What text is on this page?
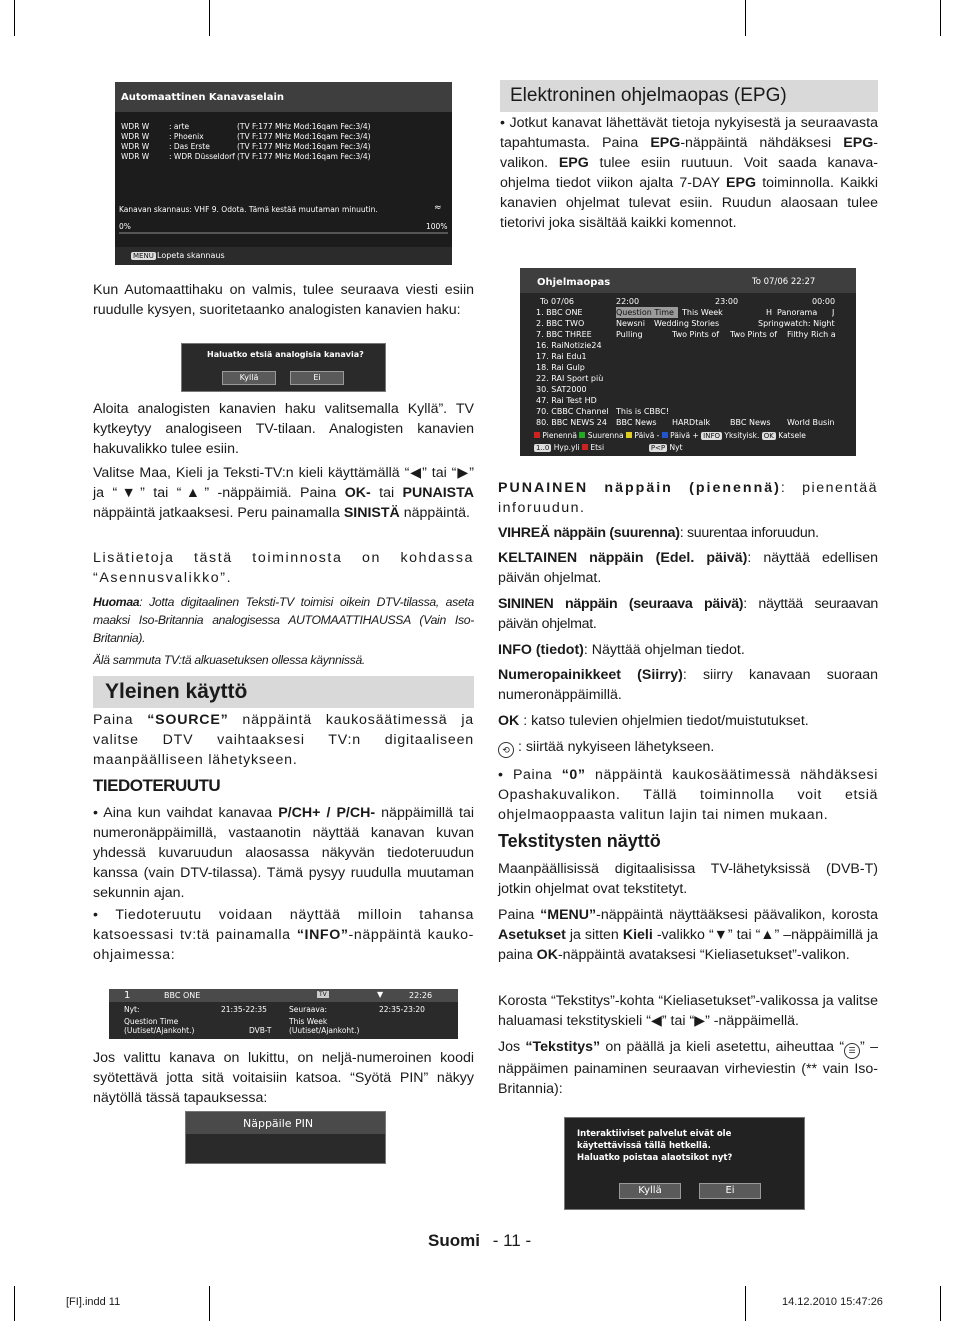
Automaattinen Kanavaselain
WDR W	: arte	(TV F:177 MHz Mod:16qam Fec:3/4)
WDR W	: Phoenix	(TV F:177 MHz Mod:16qam Fec:3/4)
WDR W	: Das Erste	(TV F:177 MHz Mod:16qam Fec:3/4)
WDR W	: WDR Düsseldorf (TV F:177 MHz Mod:16qam Fec:3/4)
Kanavan skannaus: VHF 9. Odota. Tämä kestää muutaman minuutin.	≈
0%	100%
MENU Lopeta skannaus

Kun Automaattihaku on valmis, tulee seuraava viesti esiin ruudulle kysyen, suoritetaanko analogisten kanavien haku:

Haluatko etsiä analogisia kanavia?
Kyllä	Ei

Aloita analogisten kanavien haku valitsemalla Kyllä”. TV kytkeytyy analogiseen TV-tilaan. Analogisten kanavien hakuvalikko tulee esiin.

Valitse Maa, Kieli ja Teksti-TV:n kieli käyttämällä “◀” tai “▶” ja “▼” tai “▲” -näppäimiä. Paina OK- tai PUNAISTA näppäintä jatkaaksesi. Peru painamalla SINISTÄ näppäintä.

Lisätietoja tästä toiminnosta on kohdassa “Asennusvalikko”.

Huomaa: Jotta digitaalinen Teksti-TV toimisi oikein DTV-tilassa, aseta maaksi Iso-Britannia analogisessa AUTOMAATTIHAUSSA (Vain Iso-Britannia).

Älä sammuta TV:tä alkuasetuksen ollessa käynnissä.

Yleinen käyttö

Paina “SOURCE” näppäintä kaukosäätimessä ja valitse DTV vaihtaaksesi TV:n digitaaliseen maanpäälliseen lähetykseen.

TIEDOTERUUTU

• Aina kun vaihdat kanavaa P/CH+ / P/CH- näppäimillä tai numeronäppäimillä, vastaanotin näyttää kanavan kuvan yhdessä kuvaruudun alaosassa näkyvän tiedoteruudun kanssa (vain DTV-tilassa). Tämä pysyy ruudulla muutaman sekunnin ajan.

• Tiedoteruutu voidaan näyttää milloin tahansa katsoessasi tv:tä painamalla “INFO”-näppäintä kauko-ohjaimessa:

1	BBC ONE	TV	▼	22:26
Nyt:	21:35-22:35
Question Time (Uutiset/Ajankoht.)
Seuraava:	22:35-23:20
This Week (Uutiset/Ajankoht.)
DVB-T

Jos valittu kanava on lukittu, on neljä-numeroinen koodi syötettävä jotta sitä voitaisiin katsoa. “Syötä PIN” näkyy näytöllä tässä tapauksessa:

Näppäile PIN
Elektroninen ohjelmaopas (EPG)

• Jotkut kanavat lähettävät tietoja nykyisestä ja seuraavasta tapahtumasta. Paina EPG-näppäintä nähdäksesi EPG-valikon. EPG tulee esiin ruutuun. Voit saada kanava-ohjelma tiedot viikon ajalta 7-DAY EPG toiminnolla. Kaikki kanavien ohjelmat tulevat esiin. Ruudun alaosaan tulee tietorivi joka sisältää kaikki komennot.

Ohjelmaopas	To 07/06 22:27
To 07/06	22:00	23:00	00:00
1. BBC ONE	Question Time	This Week	H Panorama	J
2. BBC TWO	Newsni	Wedding Stories	Springwatch: Night
7. BBC THREE	Pulling	Two Pints of	Two Pints of	Filthy Rich a
16. RaiNotizie24
17. Rai Edu1
18. Rai Gulp
22. RAI Sport più
30. SAT2000
47. Rai Test HD
70. CBBC Channel This is CBBC!
80. BBC NEWS 24 BBC News	HARDtalk	BBC News	World Busin
Pienennä Suurenna Päivä - Päivä + INFO Yksityisk. OK Katsele
1..0 Hyp.yli Etsi	P<P Nyt

PUNAINEN näppäin (pienennä): pienentää inforuudun.

VIHREÄ näppäin (suurenna): suurentaa inforuudun.

KELTAINEN näppäin (Edel. päivä): näyttää edellisen päivän ohjelmat.

SININEN näppäin (seuraava päivä): näyttää seuraavan päivän ohjelmat.

INFO (tiedot): Näyttää ohjelman tiedot.

Numeropainikkeet (Siirry): siirry kanavaan suoraan numeronäppäimillä.

OK : katso tulevien ohjelmien tiedot/muistutukset.

⟲ : siirtää nykyiseen lähetykseen.

• Paina “0” näppäintä kaukosäätimessä nähdäksesi Opashakuvalikon. Tällä toiminnolla voit etsiä ohjelmaoppaasta valitun lajin tai nimen mukaan.

Tekstitysten näyttö

Maanpäällisissä digitaalisissa TV-lähetyksissä (DVB-T) jotkin ohjelmat ovat tekstitetyt.

Paina “MENU”-näppäintä näyttääksesi päävalikon, korosta Asetukset ja sitten Kieli -valikko “▼” tai “▲” –näppäimillä ja paina OK-näppäintä avataksesi “Kieliasetukset”-valikon.

Korosta “Tekstitys”-kohta “Kieliasetukset”-valikossa ja valitse haluamasi tekstityskieli “◀” tai “▶” -näppäimellä.

Jos “Tekstitys” on päällä ja kieli asetettu, aiheuttaa “ ☰ ” –näppäimen painaminen seuraavan virheviestin (** vain Iso-Britannia):

Interaktiiviset palvelut eivät ole
käytettävissä tällä hetkellä.
Haluatko poistaa alaotsikot nyt?
Kyllä	Ei
Suomi - 11 -
[FI].indd 11	14.12.2010 15:47:26
